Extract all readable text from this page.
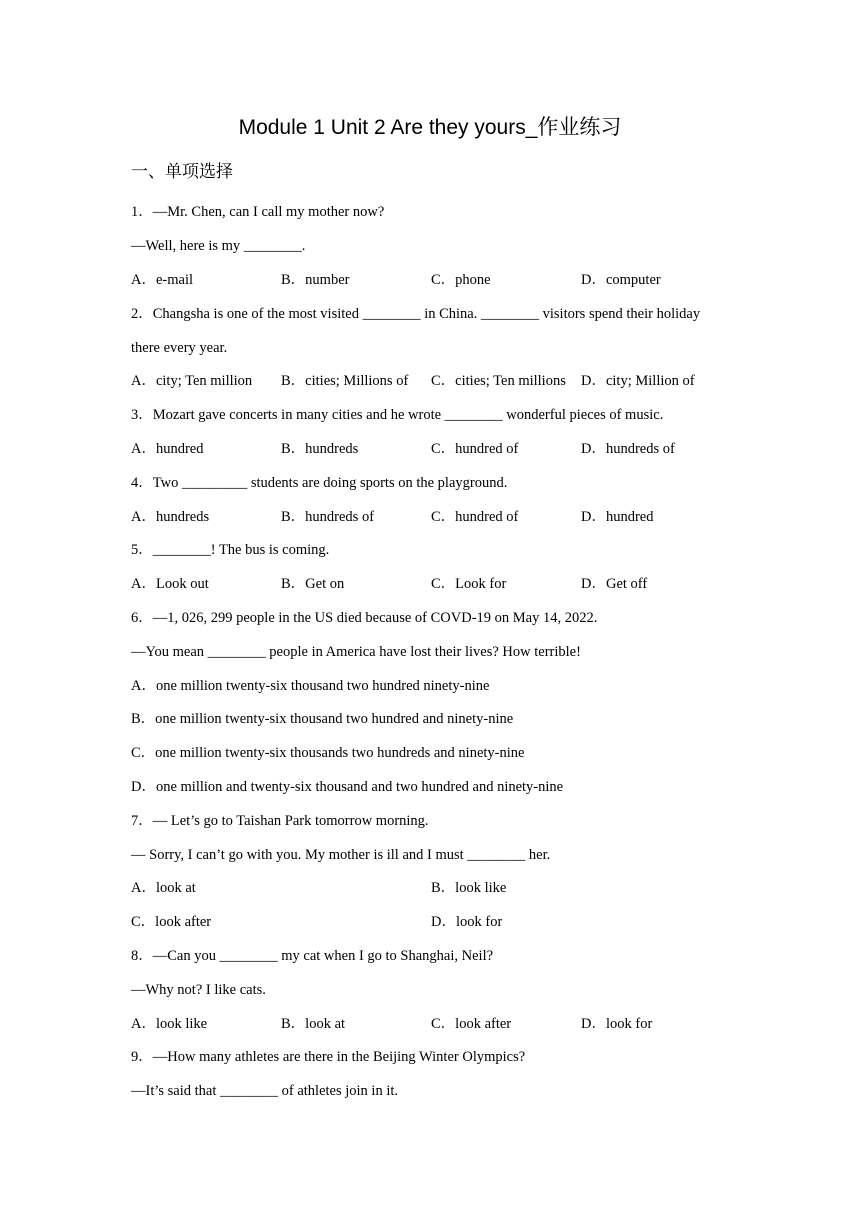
Module 1 Unit 2 Are they yours_作业练习
一、单项选择
1．—Mr. Chen, can I call my mother now?
—Well, here is my ________.
A．e-mail	B．number	C．phone	D．computer
2．Changsha is one of the most visited ________ in China. ________ visitors spend their holiday
there every year.
A．city; Ten million B．cities; Millions of C．cities; Ten millions D．city; Million of
3．Mozart gave concerts in many cities and he wrote ________ wonderful pieces of music.
A．hundred	B．hundreds	C．hundred of	D．hundreds of
4．Two _________ students are doing sports on the playground.
A．hundreds	B．hundreds of	C．hundred of	D．hundred
5．________! The bus is coming.
A．Look out	B．Get on	C．Look for	D．Get off
6．—1, 026, 299 people in the US died because of COVD-19 on May 14, 2022.
—You mean ________ people in America have lost their lives? How terrible!
A．one million twenty-six thousand two hundred ninety-nine
B．one million twenty-six thousand two hundred and ninety-nine
C．one million twenty-six thousands two hundreds and ninety-nine
D．one million and twenty-six thousand and two hundred and ninety-nine
7．— Let’s go to Taishan Park tomorrow morning.
— Sorry, I can’t go with you. My mother is ill and I must ________ her.
A．look at	B．look like
C．look after	D．look for
8．—Can you ________ my cat when I go to Shanghai, Neil?
—Why not? I like cats.
A．look like	B．look at	C．look after	D．look for
9．—How many athletes are there in the Beijing Winter Olympics?
—It’s said that ________ of athletes join in it.
